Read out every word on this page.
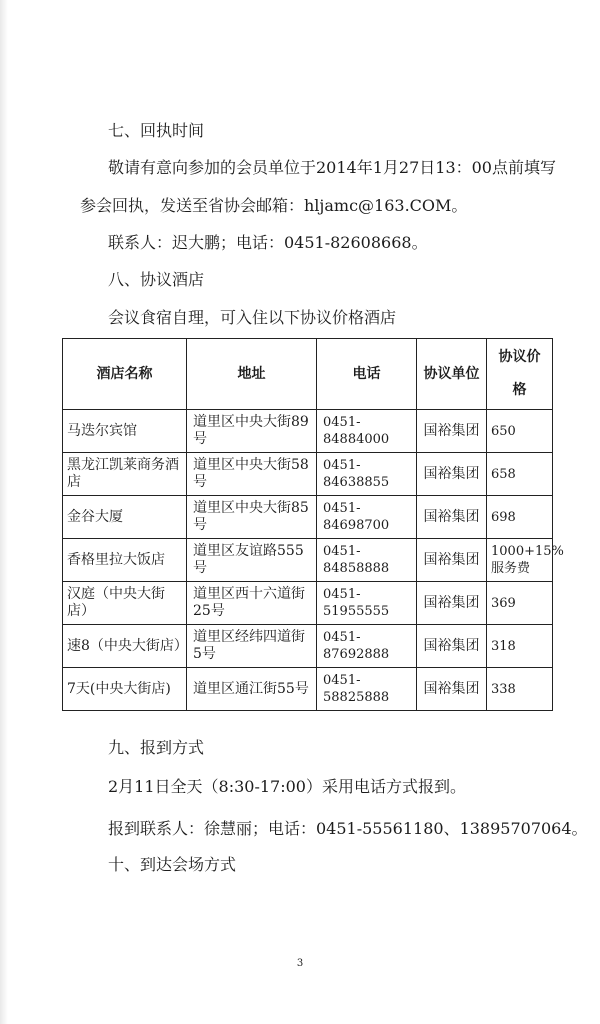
七、回执时间
敬请有意向参加的会员单位于2014年1月27日13：00点前填写
参会回执，发送至省协会邮箱：hljamc@163.COM。
联系人：迟大鹏；电话：0451-82608668。
八、协议酒店
会议食宿自理，可入住以下协议价格酒店
酒店名称	地址	电话	协议单位	协议价
格

马迭尔宾馆	道里区中央大街89号	0451-84884000	国裕集团	650
黑龙江凯莱商务酒店	道里区中央大街58号	0451-84638855	国裕集团	658
金谷大厦	道里区中央大街85号	0451-84698700	国裕集团	698
香格里拉大饭店	道里区友谊路555号	0451-84858888	国裕集团	1000+15%服务费
汉庭（中央大街店）	道里区西十六道街25号	0451-51955555	国裕集团	369
速8（中央大街店）	道里区经纬四道街5号	0451-87692888	国裕集团	318
7天(中央大街店)	道里区通江街55号	0451-58825888	国裕集团	338
九、报到方式
2月11日全天（8:30-17:00）采用电话方式报到。
报到联系人：徐慧丽；电话：0451-55561180、13895707064。
十、到达会场方式
3
